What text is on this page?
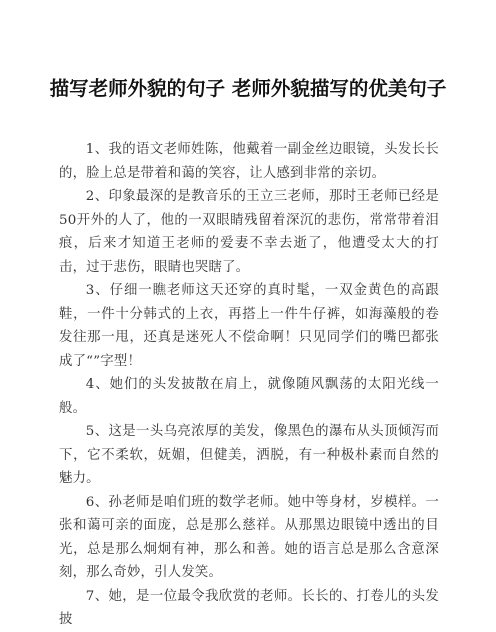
描写老师外貌的句子 老师外貌描写的优美句子

1、我的语文老师姓陈，他戴着一副金丝边眼镜，头发长长的，脸上总是带着和蔼的笑容，让人感到非常的亲切。

2、印象最深的是教音乐的王立三老师，那时王老师已经是50开外的人了，他的一双眼睛残留着深沉的悲伤，常常带着泪痕，后来才知道王老师的爱妻不幸去逝了，他遭受太大的打击，过于悲伤，眼睛也哭瞎了。

3、仔细一瞧老师这天还穿的真时髦，一双金黄色的高跟鞋，一件十分韩式的上衣，再搭上一件牛仔裤，如海藻般的卷发往那一甩，还真是迷死人不偿命啊！只见同学们的嘴巴都张成了“”字型！

4、她们的头发披散在肩上，就像随风飘荡的太阳光线一般。

5、这是一头乌亮浓厚的美发，像黑色的瀑布从头顶倾泻而下，它不柔软，妩媚，但健美，洒脱，有一种极朴素而自然的魅力。

6、孙老师是咱们班的数学老师。她中等身材，岁模样。一张和蔼可亲的面庞，总是那么慈祥。从那黑边眼镜中透出的目光，总是那么炯炯有神，那么和善。她的语言总是那么含意深刻，那么奇妙，引人发笑。

7、她，是一位最令我欣赏的老师。长长的、打卷儿的头发披
